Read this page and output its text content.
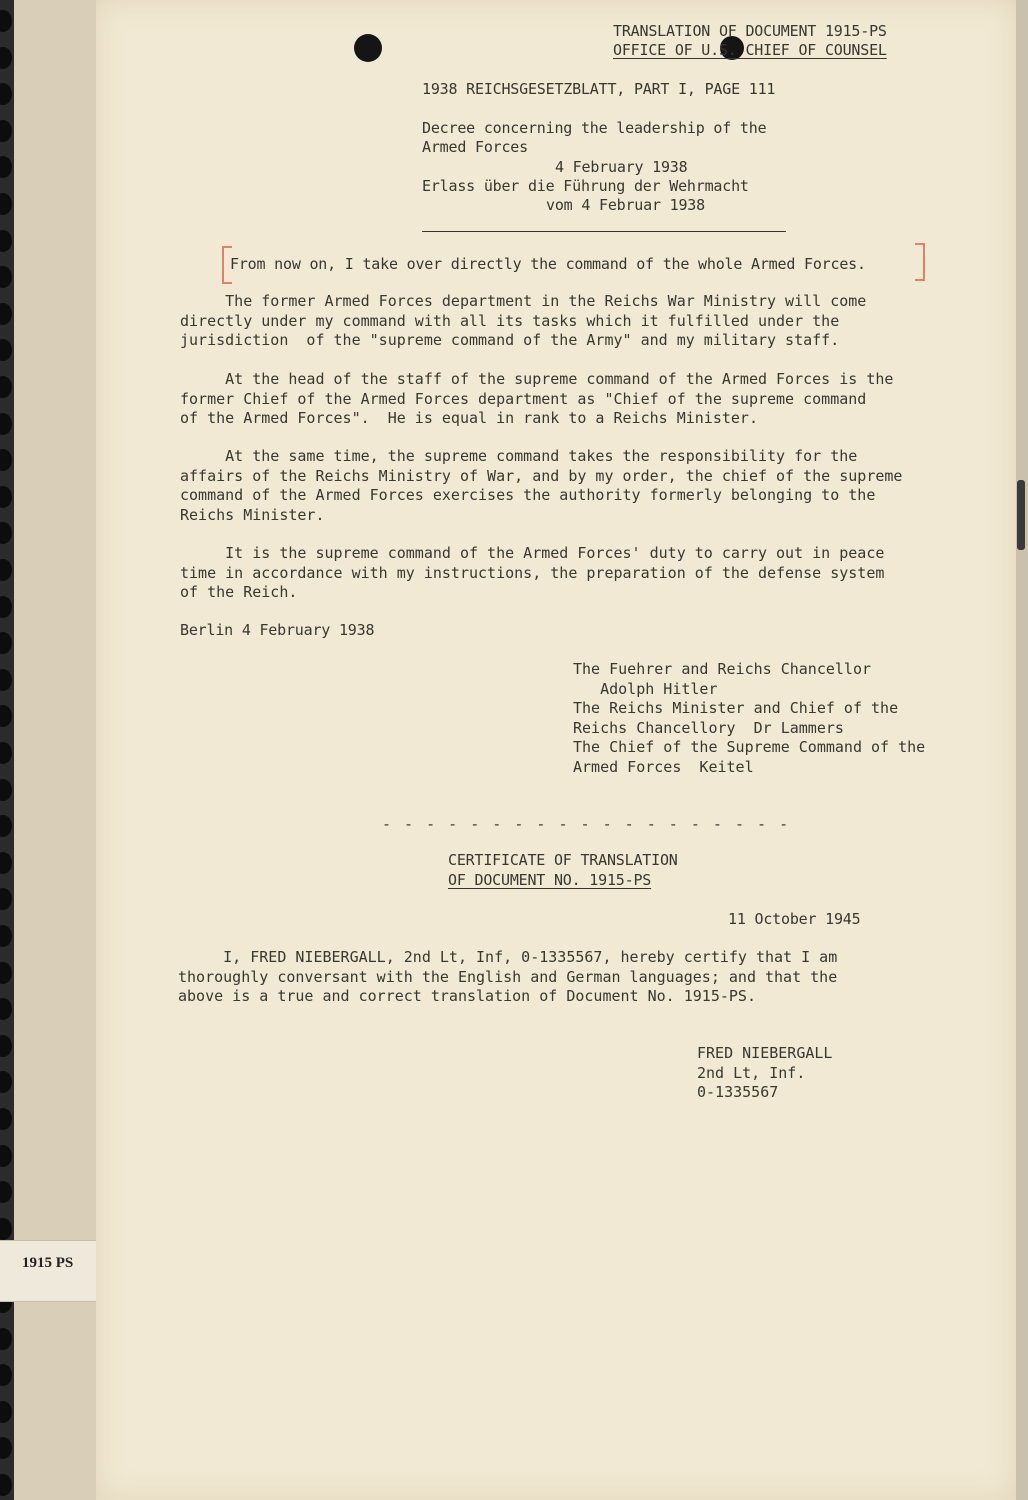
1915 PS
TRANSLATION OF DOCUMENT 1915-PS
OFFICE OF U.S. CHIEF OF COUNSEL
1938 REICHSGESETZBLATT, PART I, PAGE 111
Decree concerning the leadership of the
Armed Forces
4 February 1938
Erlass über die Führung der Wehrmacht
vom 4 Februar 1938
From now on, I take over directly the command of the whole Armed Forces.
The former Armed Forces department in the Reichs War Ministry will come
directly under my command with all its tasks which it fulfilled under the
jurisdiction  of the "supreme command of the Army" and my military staff.
At the head of the staff of the supreme command of the Armed Forces is the
former Chief of the Armed Forces department as "Chief of the supreme command
of the Armed Forces".  He is equal in rank to a Reichs Minister.
At the same time, the supreme command takes the responsibility for the
affairs of the Reichs Ministry of War, and by my order, the chief of the supreme
command of the Armed Forces exercises the authority formerly belonging to the
Reichs Minister.
It is the supreme command of the Armed Forces' duty to carry out in peace
time in accordance with my instructions, the preparation of the defense system
of the Reich.
Berlin 4 February 1938
The Fuehrer and Reichs Chancellor
Adolph Hitler
The Reichs Minister and Chief of the
Reichs Chancellory  Dr Lammers
The Chief of the Supreme Command of the
Armed Forces  Keitel
- - - - - - - - - - - - - - - - - - -
CERTIFICATE OF TRANSLATION
OF DOCUMENT NO. 1915-PS
11 October 1945
I, FRED NIEBERGALL, 2nd Lt, Inf, 0-1335567, hereby certify that I am
thoroughly conversant with the English and German languages; and that the
above is a true and correct translation of Document No. 1915-PS.
FRED NIEBERGALL
2nd Lt, Inf.
0-1335567
